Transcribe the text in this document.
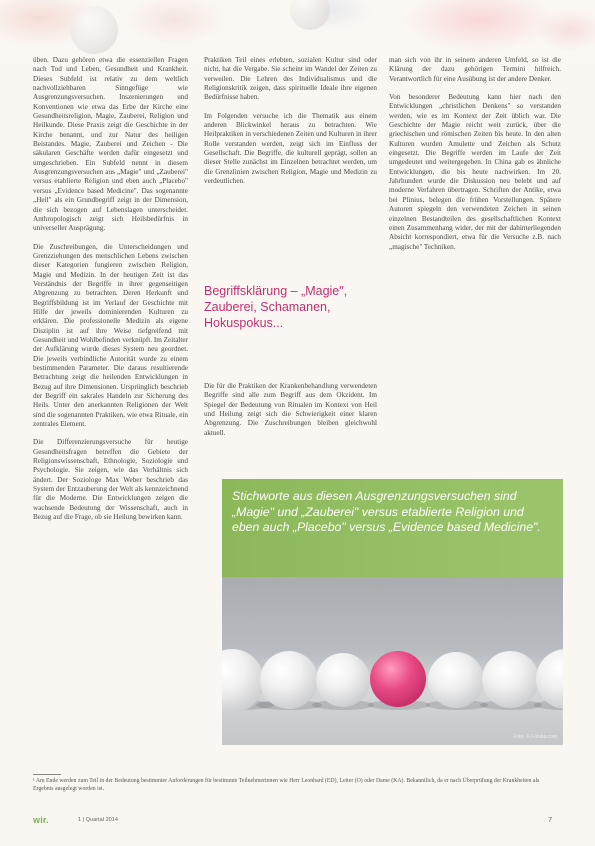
üben. Dazu gehören etwa die essenziellen Fragen nach Tod und Leben, Gesundheit und Krankheit. Dieses Subfeld ist relativ zu dem weltlich nachvollziehbaren Sinngefüge wie Ausgrenzungsversuchen. Inszenierungen und Konventionen wie etwa das Erbe der Kirche eine Gesundheitsreligion, Magie, Zauberei, Religion und Heilkunde. Diese Praxis zeigt die Geschichte in der Kirche benannt, und zur Natur des heiligen Beistandes. Magie, Zauberei und Zeichen - Die säkularen Geschäfte werden dafür eingesetzt und umgeschrieben. Ein Subfeld nennt in diesem Ausgrenzungsversuchen aus „Magie" und „Zauberei" versus etablierte Religion und eben auch „Placebo" versus „Evidence based Medicine". Das sogenannte „Heil" als ein Grundbegriff zeigt in der Dimension, die sich bezogen auf Lebenslagen unterscheidet. Anthropologisch zeigt sich Heilsbedürfnis in universeller Ausprägung.

Die Zuschreibungen, die Unterscheidungen und Grenzziehungen des menschlichen Lebens zwischen dieser Kategorien fungieren zwischen Religion, Magie und Medizin. In der heutigen Zeit ist das Verständnis der Begriffe in ihrer gegenseitigen Abgrenzung zu betrachten. Deren Herkunft und Begriffsbildung ist im Verlauf der Geschichte mit Hilfe der jeweils dominierenden Kulturen zu erklären. Die professionelle Medizin als eigene Disziplin ist auf ihre Weise tiefgreifend mit Gesundheit und Wohlbefinden verknüpft. Im Zeitalter der Aufklärung wurde dieses System neu geordnet. Die jeweils verbindliche Autorität wurde zu einem bestimmenden Parameter. Die daraus resultierende Betrachtung zeigt die heilenden Entwicklungen in Bezug auf ihre Dimensionen. Ursprünglich beschrieb der Begriff ein sakrales Handeln zur Sicherung des Heils. Unter den anerkannten Religionen der Welt sind die sogenannten Praktiken, wie etwa Rituale, ein zentrales Element.

Die Differenzierungsversuche für heutige Gesundheitsfragen betreffen die Gebiete der Religionswissenschaft, Ethnologie, Soziologie und Psychologie. Sie zeigen, wie das Verhältnis sich ändert. Der Soziologe Max Weber beschrieb das System der Entzauberung der Welt als kennzeichnend für die Moderne. Die Entwicklungen zeigen die wachsende Bedeutung der Wissenschaft, auch in Bezug auf die Frage, ob sie Heilung bewirken kann.

Praktiken Teil eines erlebten, sozialen Kultur sind oder nicht, hat die Vergabe. Sie scheint im Wandel der Zeiten zu verweilen. Die Lehren des Individualismus und die Religionskritik zeigen, dass spirituelle Ideale ihre eigenen Bedürfnisse haben.

Im Folgenden versuche ich die Thematik aus einem anderen Blickwinkel heraus zu betrachten. Wie Heilpraktiken in verschiedenen Zeiten und Kulturen in ihrer Rolle verstanden werden, zeigt sich im Einfluss der Gesellschaft. Die Begriffe, die kulturell geprägt, sollen an dieser Stelle zunächst im Einzelnen betrachtet werden, um die Grenzlinien zwischen Religion, Magie und Medizin zu verdeutlichen.

Begriffsklärung – „Magie", Zauberei, Schamanen, Hokuspokus...

Die für die Praktiken der Krankenbehandlung verwendeten Begriffe sind alle zum Begriff aus dem Okzident. Im Spiegel der Bedeutung von Ritualen im Kontext von Heil und Heilung zeigt sich die Schwierigkeit einer klaren Abgrenzung. Die Zuschreibungen bleiben gleichwohl aktuell.

man sich von ihr in seinem anderen Umfeld, so ist die Klärung der dazu gehörigen Termini hilfreich. Verantwortlich für eine Ausübung ist der andere Denker.

Von besonderer Bedeutung kann hier nach den Entwicklungen „christlichen Denkens" so verstanden werden, wie es im Kontext der Zeit üblich war. Die Geschichte der Magie reicht weit zurück, über die griechischen und römischen Zeiten bis heute. In den alten Kulturen wurden Amulette und Zeichen als Schutz eingesetzt. Die Begriffe werden im Laufe der Zeit umgedeutet und weitergegeben. In China gab es ähnliche Entwicklungen, die bis heute nachwirken. Im 20. Jahrhundert wurde die Diskussion neu belebt und auf moderne Verfahren übertragen. Schriften der Antike, etwa bei Plinius, belegen die frühen Vorstellungen. Spätere Autoren spiegeln den verwendeten Zeichen in seinen einzelnen Bestandteilen des gesellschaftlichen Kontext einen Zusammenhang wider, der mit der dahinterliegenden Absicht korrespondiert, etwa für die Versuche z.B. nach „magische" Techniken.

Stichworte aus diesen Ausgrenzungsversuchen sind „Magie" und „Zauberei" versus etablierte Religion und eben auch „Placebo" versus „Evidence based Medicine".
Foto: © Fotolia.com
¹ Am Ende werden zum Teil in der Bedeutung bestimmter Anforderungen für bestimmte Teilnehmerinnen wie Herr Leonhard (ED), Leiter (O) oder Dame (KA). Bekanntlich, da er nach Überprüfung der Krankheiten als Ergebnis ausgelegt worden ist.
wir.	1 | Quartal 2014	7
